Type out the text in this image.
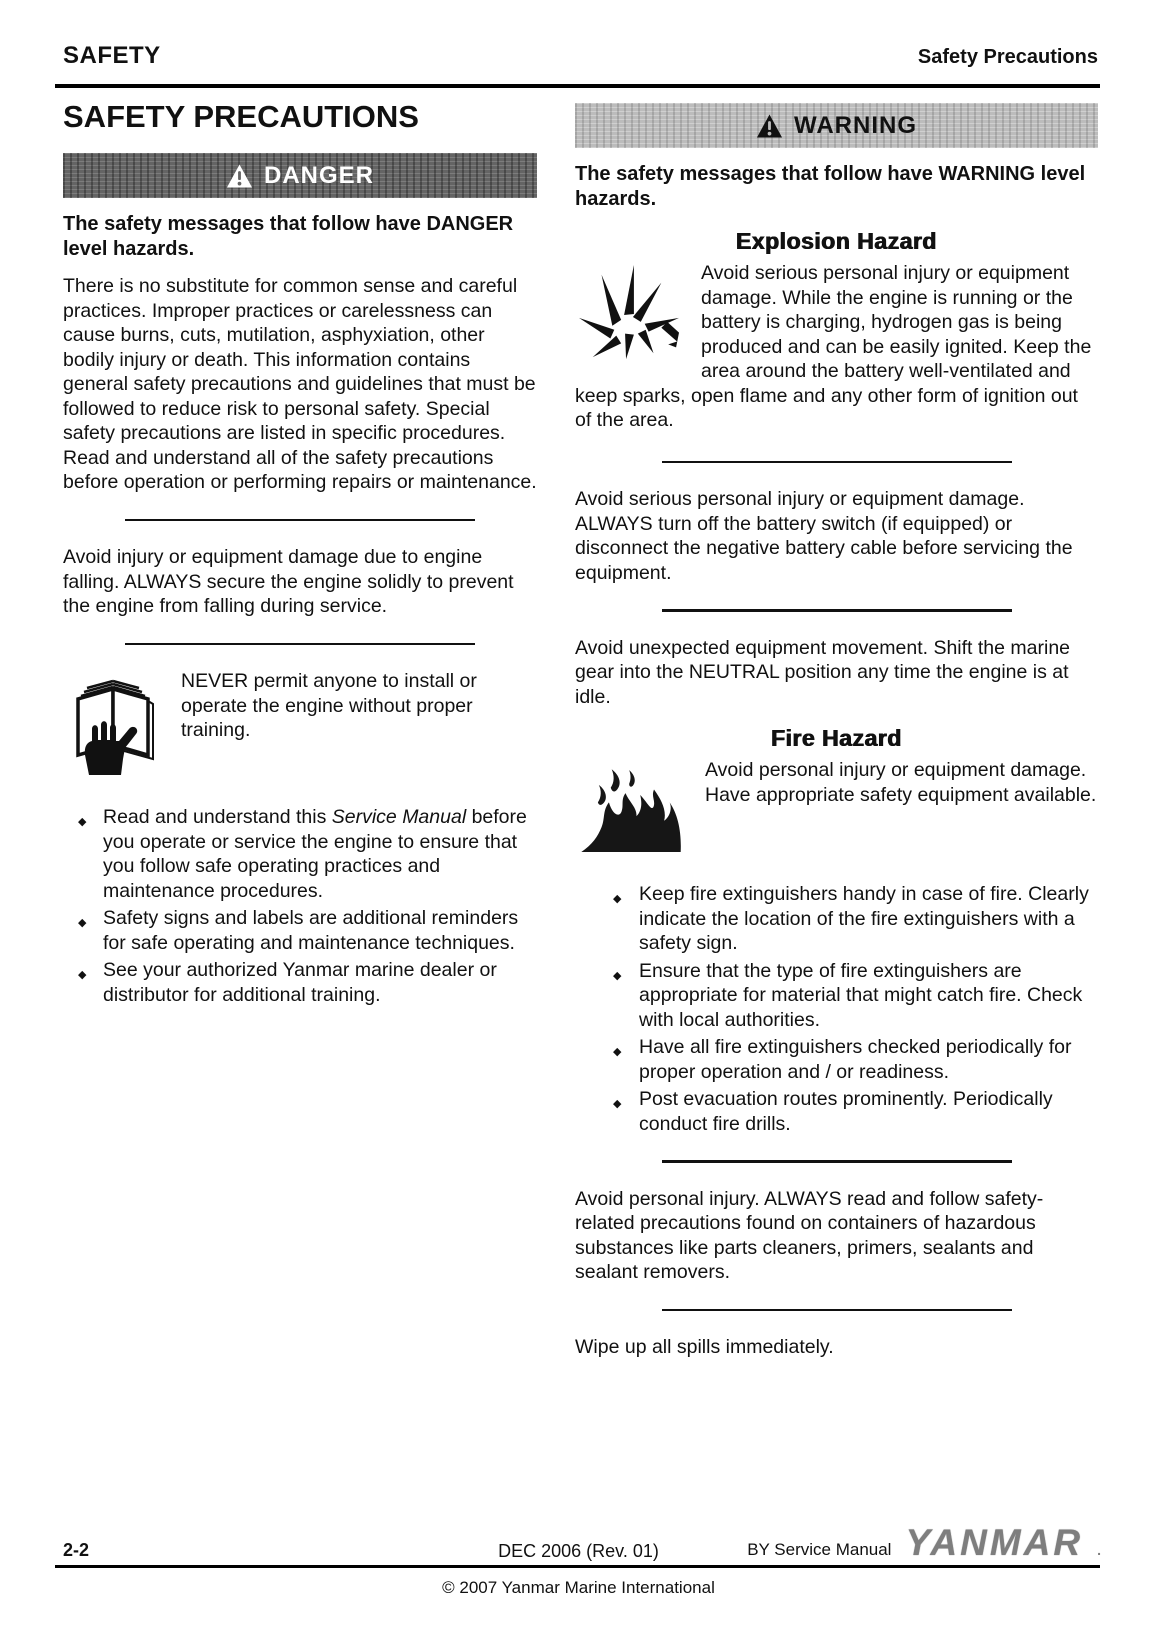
SAFETY	Safety Precautions
SAFETY PRECAUTIONS
DANGER

The safety messages that follow have DANGER level hazards.

There is no substitute for common sense and careful practices. Improper practices or carelessness can cause burns, cuts, mutilation, asphyxiation, other bodily injury or death. This information contains general safety precautions and guidelines that must be followed to reduce risk to personal safety. Special safety precautions are listed in specific procedures. Read and understand all of the safety precautions before operation or performing repairs or maintenance.

Avoid injury or equipment damage due to engine falling. ALWAYS secure the engine solidly to prevent the engine from falling during service.

NEVER permit anyone to install or operate the engine without proper training.

◆ Read and understand this Service Manual before you operate or service the engine to ensure that you follow safe operating practices and maintenance procedures.
◆ Safety signs and labels are additional reminders for safe operating and maintenance techniques.
◆ See your authorized Yanmar marine dealer or distributor for additional training.
WARNING

The safety messages that follow have WARNING level hazards.

Explosion Hazard

Avoid serious personal injury or equipment damage. While the engine is running or the battery is charging, hydrogen gas is being produced and can be easily ignited. Keep the area around the battery well-ventilated and keep sparks, open flame and any other form of ignition out of the area.

Avoid serious personal injury or equipment damage. ALWAYS turn off the battery switch (if equipped) or disconnect the negative battery cable before servicing the equipment.

Avoid unexpected equipment movement. Shift the marine gear into the NEUTRAL position any time the engine is at idle.

Fire Hazard

Avoid personal injury or equipment damage. Have appropriate safety equipment available.

◆ Keep fire extinguishers handy in case of fire. Clearly indicate the location of the fire extinguishers with a safety sign.
◆ Ensure that the type of fire extinguishers are appropriate for material that might catch fire. Check with local authorities.
◆ Have all fire extinguishers checked periodically for proper operation and / or readiness.
◆ Post evacuation routes prominently. Periodically conduct fire drills.

Avoid personal injury. ALWAYS read and follow safety-related precautions found on containers of hazardous substances like parts cleaners, primers, sealants and sealant removers.

Wipe up all spills immediately.

2-2	DEC 2006 (Rev. 01)	BY Service Manual YANMAR .
© 2007 Yanmar Marine International
